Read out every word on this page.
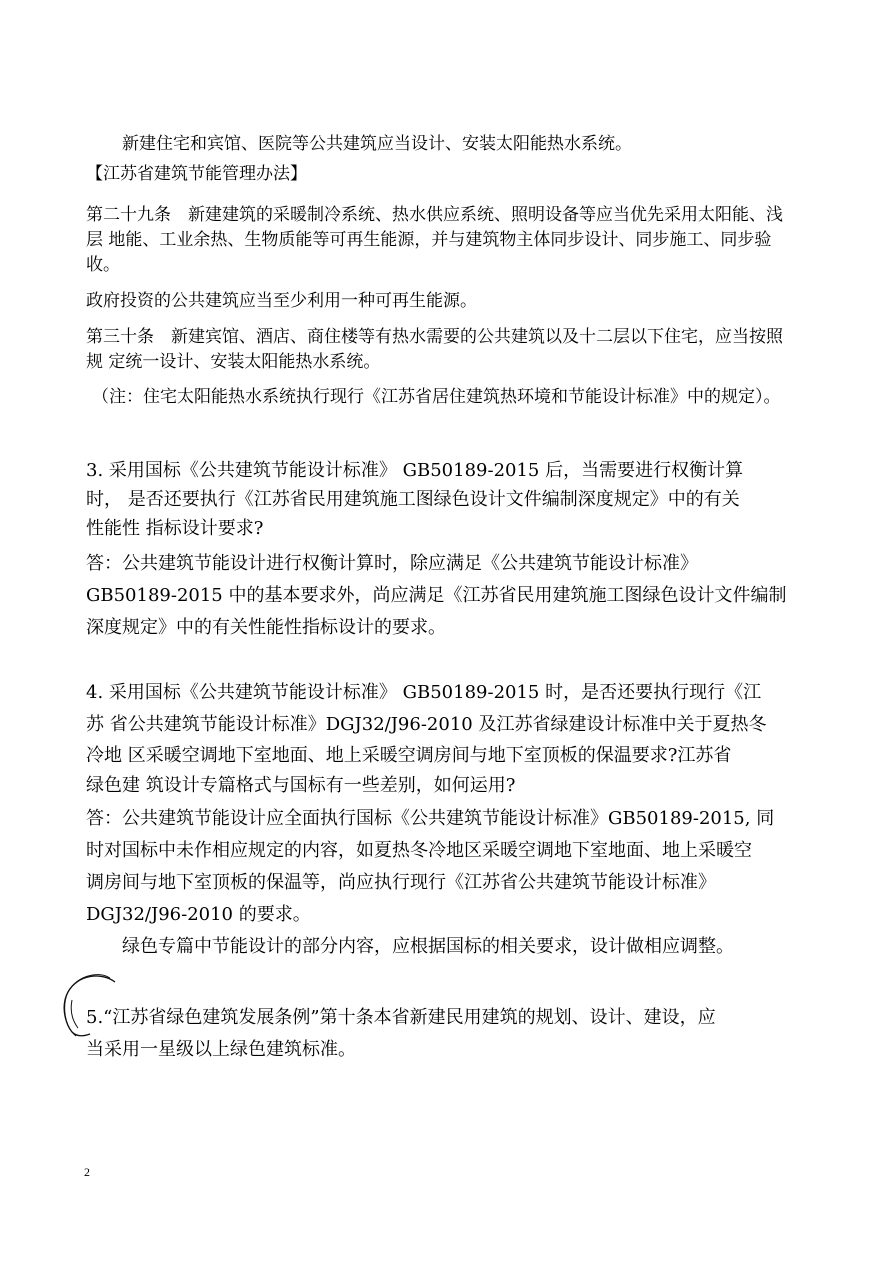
新建住宅和宾馆、医院等公共建筑应当设计、安装太阳能热水系统。
【江苏省建筑节能管理办法】
第二十九条　新建建筑的采暖制冷系统、热水供应系统、照明设备等应当优先采用太阳能、浅
层 地能、工业余热、生物质能等可再生能源，并与建筑物主体同步设计、同步施工、同步验
收。
政府投资的公共建筑应当至少利用一种可再生能源。
第三十条　新建宾馆、酒店、商住楼等有热水需要的公共建筑以及十二层以下住宅，应当按照
规 定统一设计、安装太阳能热水系统。
（注：住宅太阳能热水系统执行现行《江苏省居住建筑热环境和节能设计标准》中的规定）。
3. 采用国标《公共建筑节能设计标准》 GB50189-2015 后，当需要进行权衡计算
时， 是否还要执行《江苏省民用建筑施工图绿色设计文件编制深度规定》中的有关
性能性 指标设计要求?
答：公共建筑节能设计进行权衡计算时，除应满足《公共建筑节能设计标准》
GB50189-2015 中的基本要求外，尚应满足《江苏省民用建筑施工图绿色设计文件编制
深度规定》中的有关性能性指标设计的要求。
4. 采用国标《公共建筑节能设计标准》 GB50189-2015 时，是否还要执行现行《江
苏 省公共建筑节能设计标准》DGJ32/J96-2010 及江苏省绿建设计标准中关于夏热冬
冷地 区采暖空调地下室地面、地上采暖空调房间与地下室顶板的保温要求?江苏省
绿色建 筑设计专篇格式与国标有一些差别，如何运用?
答：公共建筑节能设计应全面执行国标《公共建筑节能设计标准》GB50189-2015, 同
时对国标中未作相应规定的内容，如夏热冬冷地区采暖空调地下室地面、地上采暖空
调房间与地下室顶板的保温等，尚应执行现行《江苏省公共建筑节能设计标准》
DGJ32/J96-2010 的要求。
绿色专篇中节能设计的部分内容，应根据国标的相关要求，设计做相应调整。
5.“江苏省绿色建筑发展条例”第十条本省新建民用建筑的规划、设计、建设，应
当采用一星级以上绿色建筑标准。
2
